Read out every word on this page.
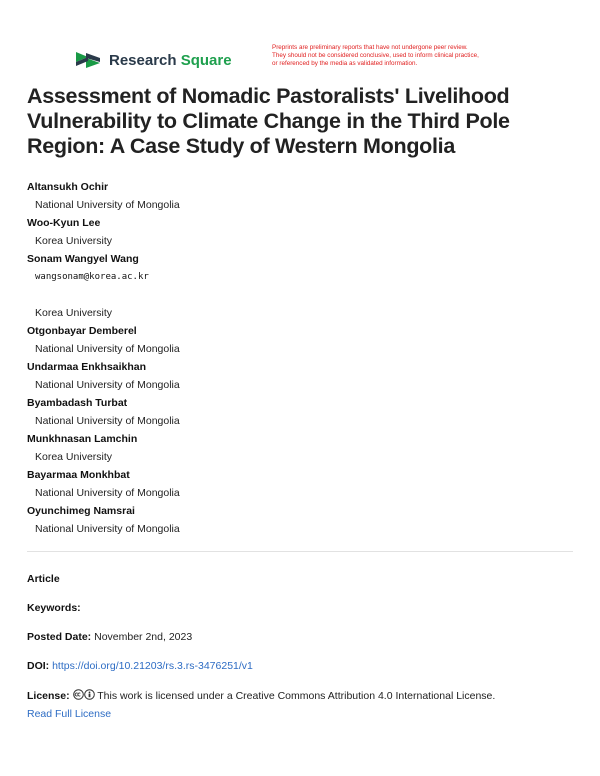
Research Square
Preprints are preliminary reports that have not undergone peer review.
They should not be considered conclusive, used to inform clinical practice,
or referenced by the media as validated information.
Assessment of Nomadic Pastoralists' Livelihood Vulnerability to Climate Change in the Third Pole Region: A Case Study of Western Mongolia
Altansukh Ochir
National University of Mongolia
Woo-Kyun Lee
Korea University
Sonam Wangyel Wang
wangsonam@korea.ac.kr
Korea University
Otgonbayar Demberel
National University of Mongolia
Undarmaa Enkhsaikhan
National University of Mongolia
Byambadash Turbat
National University of Mongolia
Munkhnasan Lamchin
Korea University
Bayarmaa Monkhbat
National University of Mongolia
Oyunchimeg Namsrai
National University of Mongolia
Article
Keywords:
Posted Date: November 2nd, 2023
DOI: https://doi.org/10.21203/rs.3.rs-3476251/v1
License:	This work is licensed under a Creative Commons Attribution 4.0 International License.
Read Full License
